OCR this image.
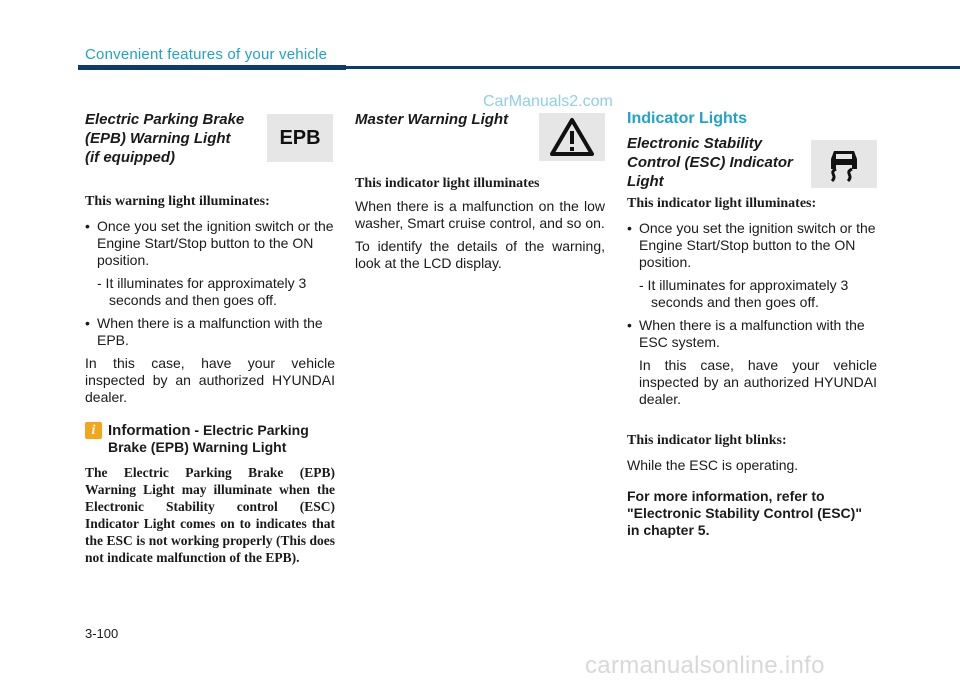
Convenient features of your vehicle
CarManuals2.com
Electric Parking Brake
(EPB) Warning Light
(if equipped)

This warning light illuminates:

• Once you set the ignition switch or the Engine Start/Stop button to the ON position.
- It illuminates for approximately 3 seconds and then goes off.
• When there is a malfunction with the EPB.

In this case, have your vehicle inspected by an authorized HYUNDAI dealer.

i Information - Electric Parking Brake (EPB) Warning Light

The Electric Parking Brake (EPB) Warning Light may illuminate when the Electronic Stability control (ESC) Indicator Light comes on to indicates that the ESC is not working properly (This does not indicate malfunction of the EPB).

EPB
Master Warning Light

This indicator light illuminates

When there is a malfunction on the low washer, Smart cruise control, and so on.

To identify the details of the warning, look at the LCD display.

Indicator Lights
Electronic Stability
Control (ESC) Indicator
Light

This indicator light illuminates:

• Once you set the ignition switch or the Engine Start/Stop button to the ON position.
- It illuminates for approximately 3 seconds and then goes off.
• When there is a malfunction with the ESC system.
In this case, have your vehicle inspected by an authorized HYUNDAI dealer.

This indicator light blinks:

While the ESC is operating.

For more information, refer to "Electronic Stability Control (ESC)" in chapter 5.

3-100
carmanualsonline.info
